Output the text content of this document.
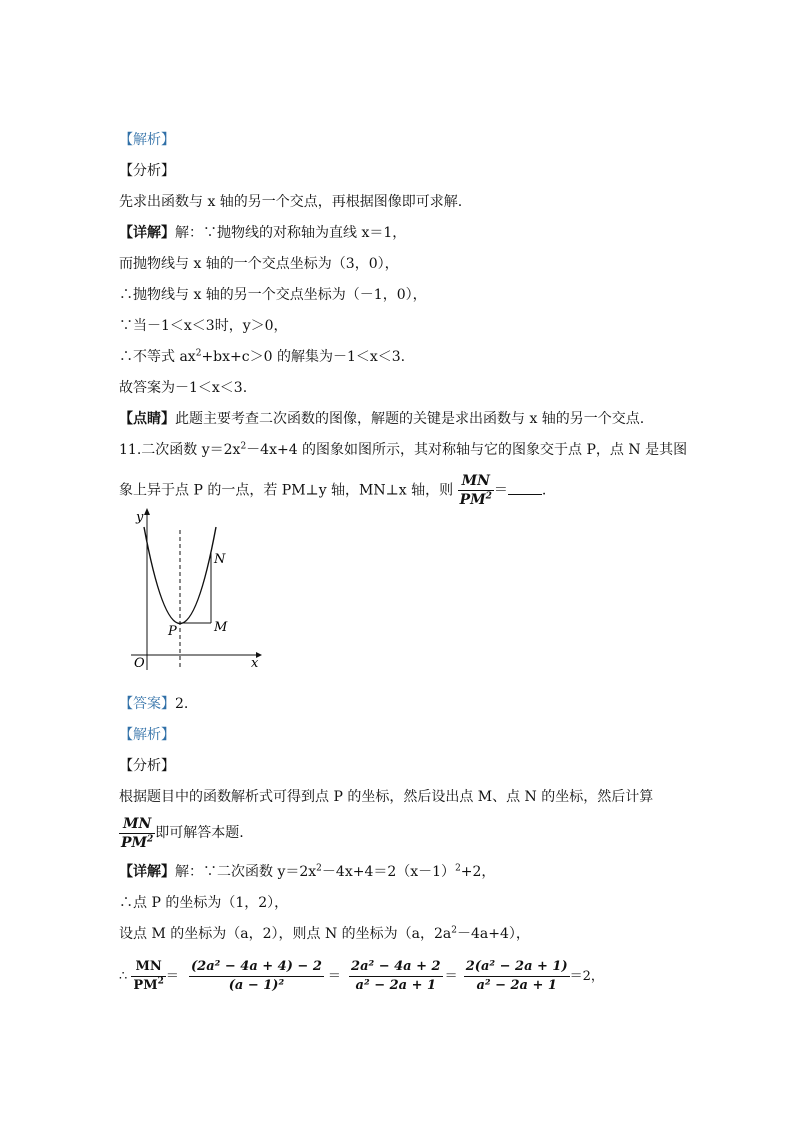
【解析】
【分析】
先求出函数与 x 轴的另一个交点，再根据图像即可求解.
【详解】解：∵抛物线的对称轴为直线 x＝1，
而抛物线与 x 轴的一个交点坐标为（3，0），
∴抛物线与 x 轴的另一个交点坐标为（－1，0），
∵当－1＜x＜3时，y＞0，
∴不等式 $ax^2+bx+c>0$ 的解集为－1＜x＜3.
故答案为－1＜x＜3.
【点睛】此题主要考查二次函数的图像，解题的关键是求出函数与 x 轴的另一个交点.
11.二次函数 $y=2x^2-4x+4$ 的图象如图所示，其对称轴与它的图象交于点 P，点 N 是其图
象上异于点 P 的一点，若 PM⊥y 轴，MN⊥x 轴，则 $\frac{MN}{PM^2}$ ＝ .
y
x
O
P
N
M
【答案】2.
【解析】
【分析】
根据题目中的函数解析式可得到点 P 的坐标，然后设出点 M、点 N 的坐标，然后计算
$\frac{MN}{PM^2}$ 即可解答本题.
【详解】解：∵二次函数 $y=2x^2-4x+4=2(x-1)^2+2$，
∴点 P 的坐标为（1，2），
设点 M 的坐标为（a，2），则点 N 的坐标为（a，$2a^2-4a+4$），
∴ $\frac{MN}{PM^2} = \frac{\text{(2a² − 4a + 4) − 2}}{\text{(a − 1)²}} = \frac{\text{2a² − 4a + 2}}{\text{a² − 2a + 1}} = \frac{\text{2(a² − 2a + 1)}}{\text{a² − 2a + 1}} =2$，
